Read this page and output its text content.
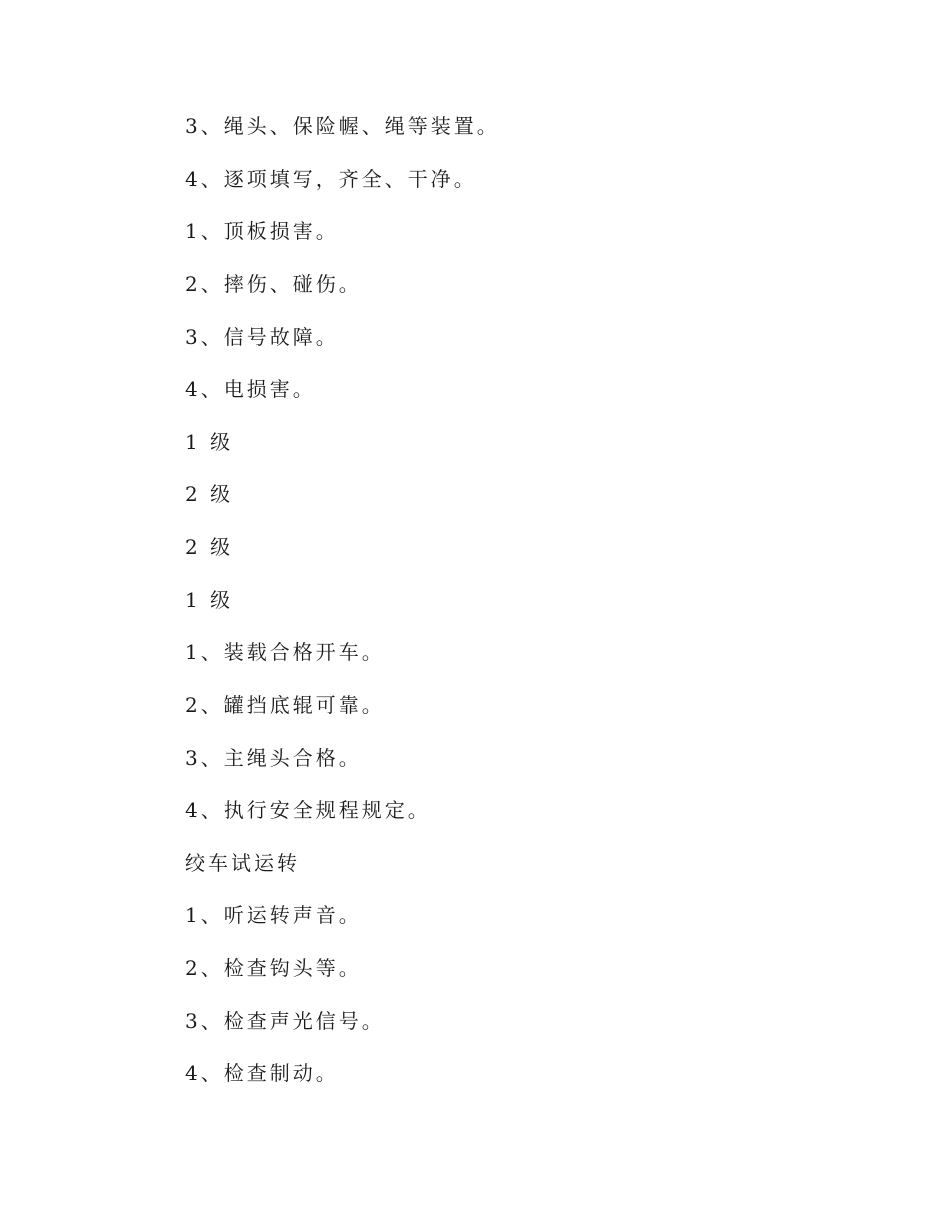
3、绳头、保险幄、绳等装置。
4、逐项填写，齐全、干净。
1、顶板损害。
2、摔伤、碰伤。
3、信号故障。
4、电损害。
1 级
2 级
2 级
1 级
1、装载合格开车。
2、罐挡底辊可靠。
3、主绳头合格。
4、执行安全规程规定。
绞车试运转
1、听运转声音。
2、检查钩头等。
3、检查声光信号。
4、检查制动。
